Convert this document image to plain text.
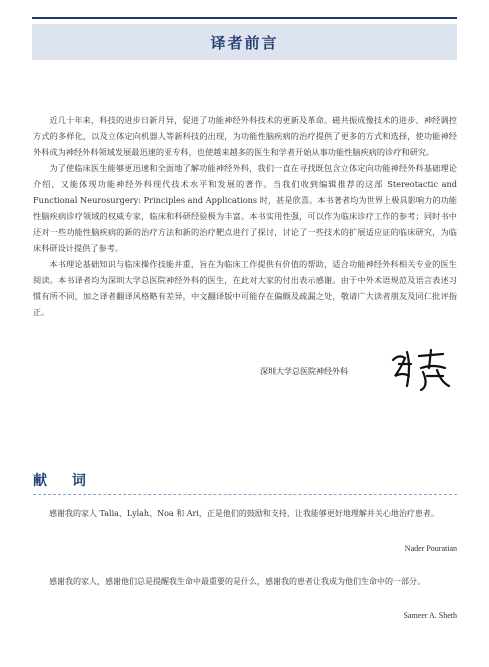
译者前言

近几十年来，科技的进步日新月异，促进了功能神经外科技术的更新及革命。磁共振成像技术的进步、神经调控方式的多样化，以及立体定向机器人等新科技的出现，为功能性脑疾病的治疗提供了更多的方式和选择，使功能神经外科成为神经外科领域发展最迅速的亚专科，也使越来越多的医生和学者开始从事功能性脑疾病的诊疗和研究。

为了使临床医生能够更迅速和全面地了解功能神经外科，我们一直在寻找既包含立体定向功能神经外科基础理论介绍，又能体现功能神经外科现代技术水平和发展的著作。当我们收到编辑推荐的这部 Stereotactic and Functional Neurosurgery: Principles and Applications 时，甚是欣喜。本书著者均为世界上极具影响力的功能性脑疾病诊疗领域的权威专家，临床和科研经验极为丰富。本书实用性强，可以作为临床诊疗工作的参考；同时书中还对一些功能性脑疾病的新的治疗方法和新的治疗靶点进行了探讨，讨论了一些技术的扩展适应证的临床研究，为临床科研设计提供了参考。

本书理论基础知识与临床操作技能并重，旨在为临床工作提供有价值的帮助，适合功能神经外科相关专业的医生阅读。本书译者均为深圳大学总医院神经外科的医生，在此对大家的付出表示感谢。由于中外术语规范及语言表述习惯有所不同，加之译者翻译风格略有差异，中文翻译版中可能存在偏颇及疏漏之处，敬请广大读者朋友及同仁批评指正。

深圳大学总医院神经外科
献 词

感谢我的家人 Talia、Lylah、Noa 和 Ari，正是他们的鼓励和支持，让我能够更好地理解并关心地治疗患者。

Nader Pouratian

感谢我的家人，感谢他们总是提醒我生命中最重要的是什么，感谢我的患者让我成为他们生命中的一部分。

Sameer A. Sheth
